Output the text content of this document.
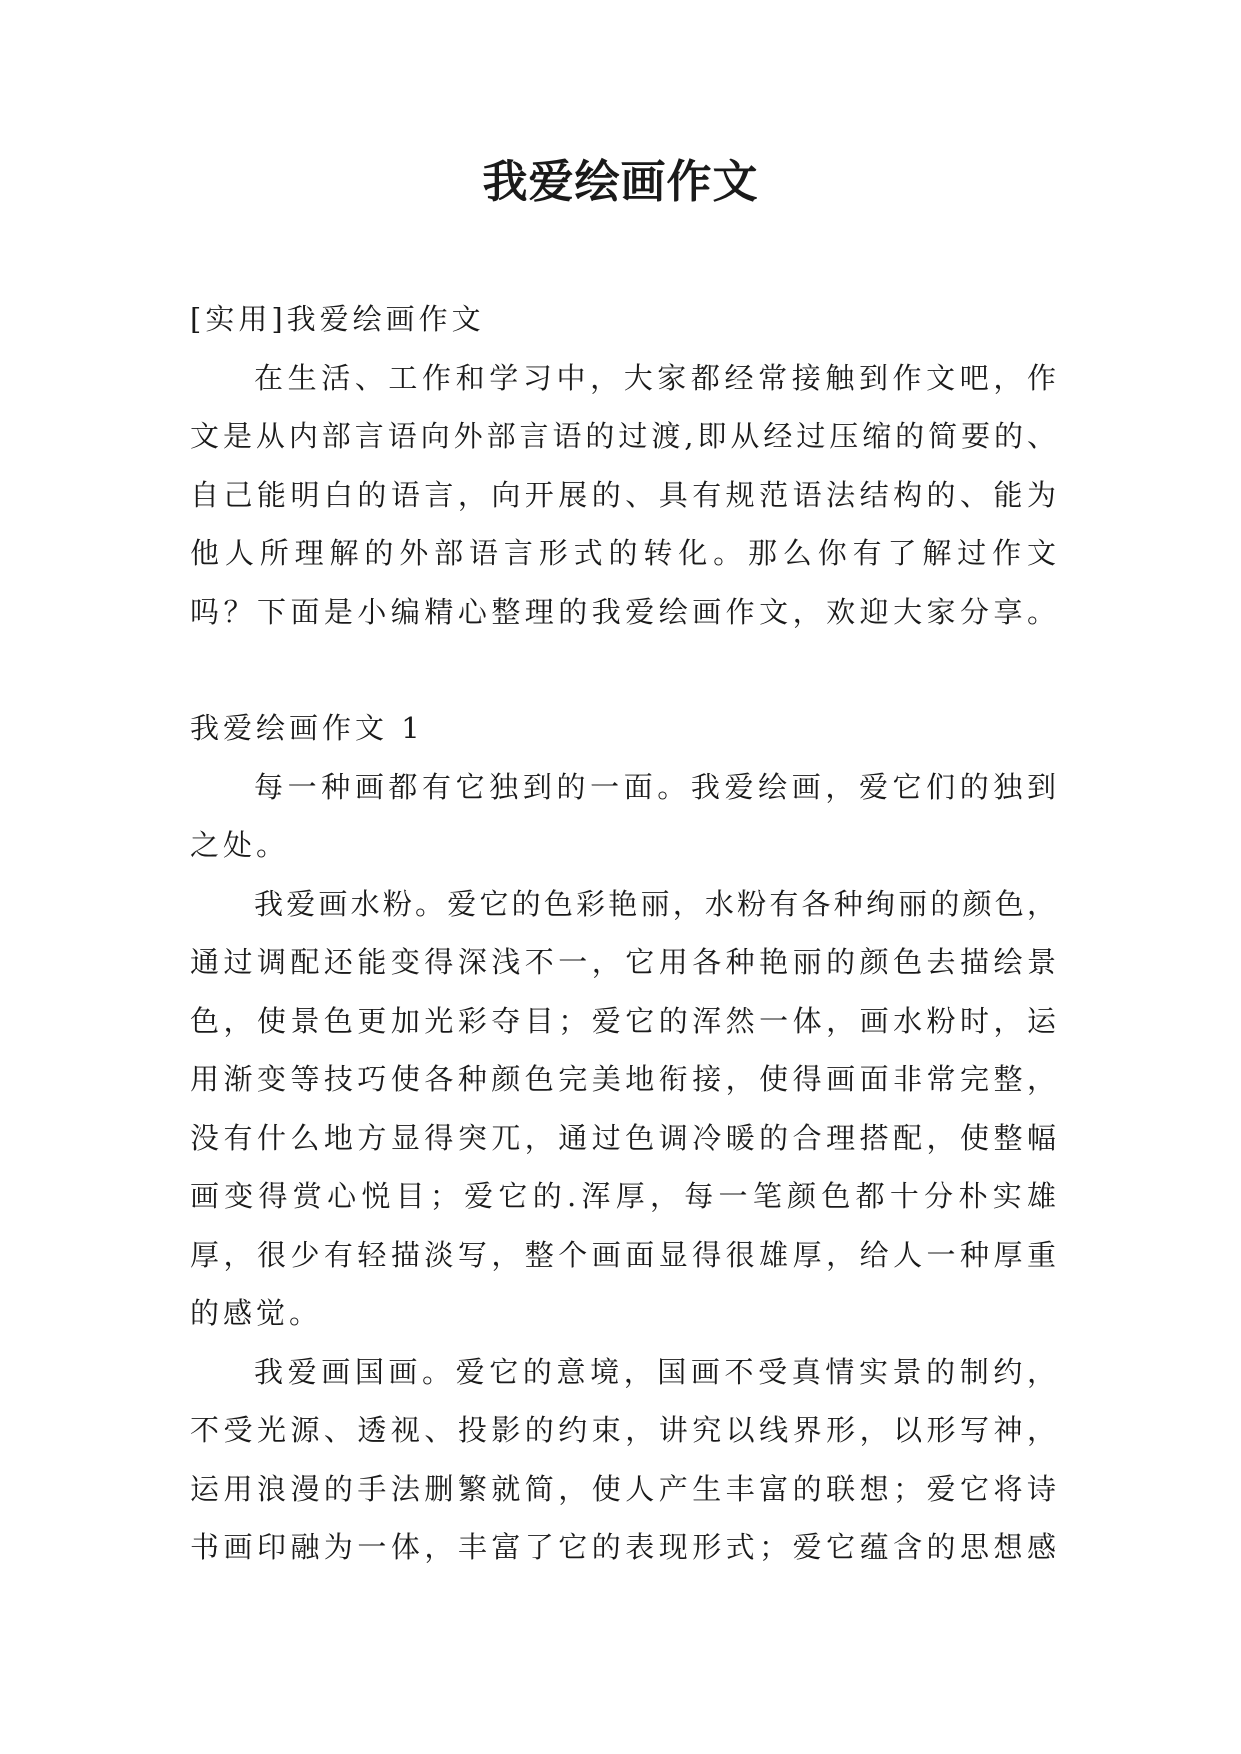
我爱绘画作文
[实用]我爱绘画作文
在生活、工作和学习中，大家都经常接触到作文吧，作
文是从内部言语向外部言语的过渡,即从经过压缩的简要的、
自己能明白的语言，向开展的、具有规范语法结构的、能为
他人所理解的外部语言形式的转化。那么你有了解过作文
吗？下面是小编精心整理的我爱绘画作文，欢迎大家分享。
我爱绘画作文 1
每一种画都有它独到的一面。我爱绘画，爱它们的独到
之处。
我爱画水粉。爱它的色彩艳丽，水粉有各种绚丽的颜色，
通过调配还能变得深浅不一，它用各种艳丽的颜色去描绘景
色，使景色更加光彩夺目；爱它的浑然一体，画水粉时，运
用渐变等技巧使各种颜色完美地衔接，使得画面非常完整，
没有什么地方显得突兀，通过色调冷暖的合理搭配，使整幅
画变得赏心悦目；爱它的.浑厚，每一笔颜色都十分朴实雄
厚，很少有轻描淡写，整个画面显得很雄厚，给人一种厚重
的感觉。
我爱画国画。爱它的意境，国画不受真情实景的制约，
不受光源、透视、投影的约束，讲究以线界形，以形写神，
运用浪漫的手法删繁就简，使人产生丰富的联想；爱它将诗
书画印融为一体，丰富了它的表现形式；爱它蕴含的思想感
